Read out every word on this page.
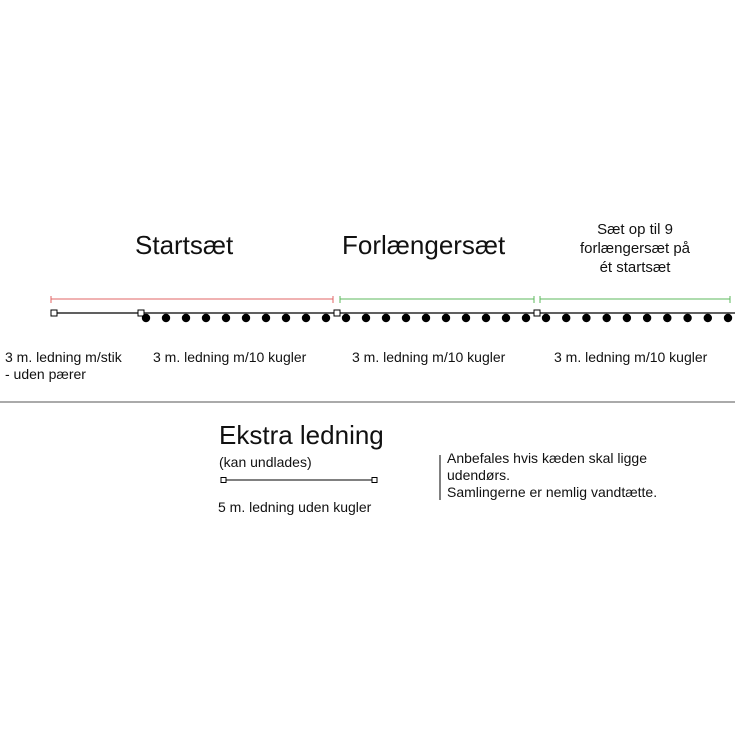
Startsæt	Forlængersæt
Sæt op til 9
forlængersæt på
ét startsæt
3 m. ledning m/stik
- uden pærer
3 m. ledning m/10 kugler	3 m. ledning m/10 kugler	3 m. ledning m/10 kugler
Ekstra ledning
(kan undlades)
5 m. ledning uden kugler
Anbefales hvis kæden skal ligge
udendørs.
Samlingerne er nemlig vandtætte.
